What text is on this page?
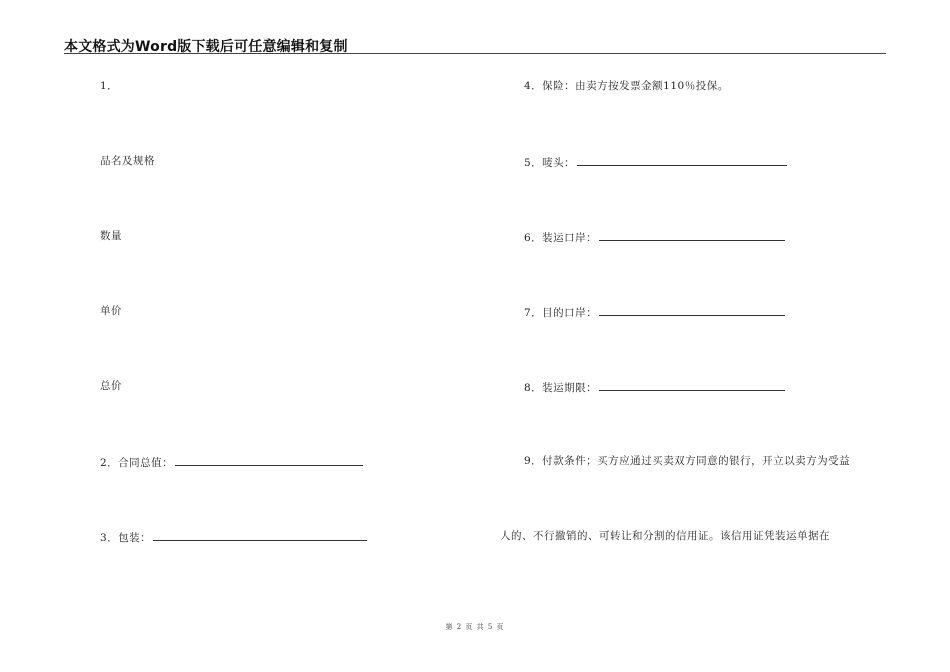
本文格式为Word版下载后可任意编辑和复制
1．
品名及规格
数量
单价
总价
2．合同总值：
3．包装：
4．保险：由卖方按发票金额110％投保。
5．唛头：
6．装运口岸：
7．目的口岸：
8．装运期限：
9．付款条件；买方应通过买卖双方同意的银行，开立以卖方为受益
人的、不行撤销的、可转让和分割的信用证。该信用证凭装运单据在
第 2 页 共 5 页
